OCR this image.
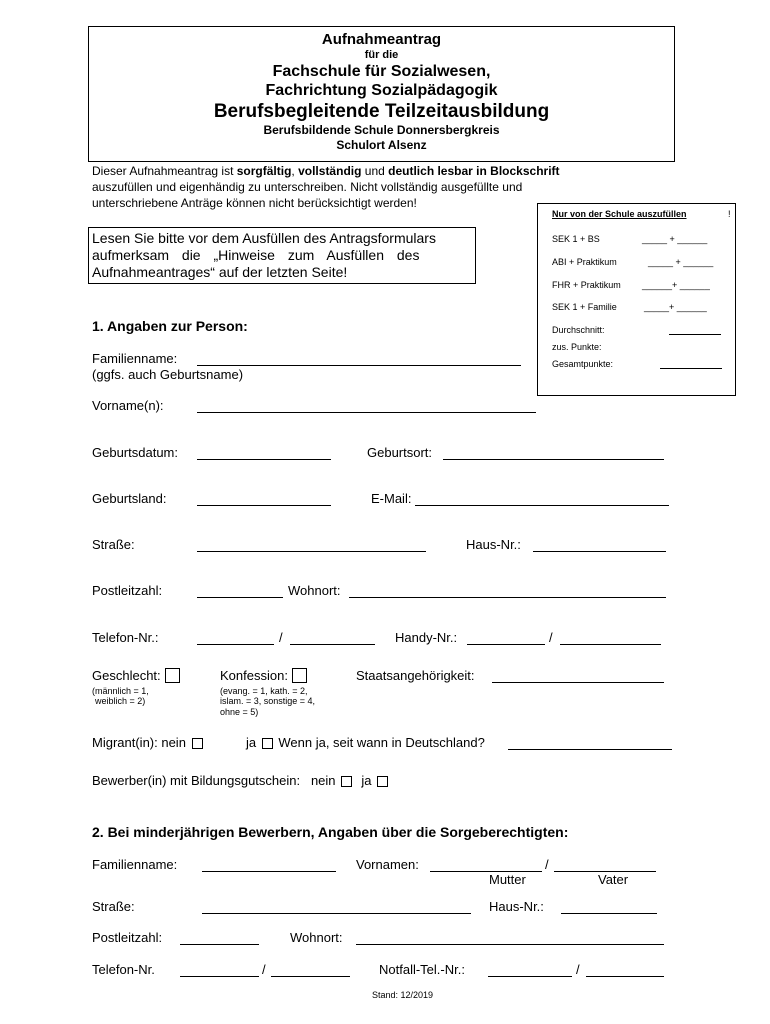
Aufnahmeantrag
für die
Fachschule für Sozialwesen,
Fachrichtung Sozialpädagogik
Berufsbegleitende Teilzeitausbildung
Berufsbildende Schule Donnersbergkreis
Schulort Alsenz
Dieser Aufnahmeantrag ist sorgfältig, vollständig und deutlich lesbar in Blockschrift
auszufüllen und eigenhändig zu unterschreiben. Nicht vollständig ausgefüllte und
unterschriebene Anträge können nicht berücksichtigt werden!
Lesen Sie bitte vor dem Ausfüllen des Antragsformulars
aufmerksam die „Hinweise zum Ausfüllen des
Aufnahmeantrages“ auf der letzten Seite!
Nur von der Schule auszufüllen	!
SEK 1 + BS	_____ + ______
ABI + Praktikum	_____ + ______
FHR + Praktikum ______+ ______
SEK 1 + Familie	_____+ ______
Durchschnitt:
zus. Punkte:
Gesamtpunkte:
1. Angaben zur Person:
Familienname:
(ggfs. auch Geburtsname)
Vorname(n):
Geburtsdatum:	Geburtsort:
Geburtsland:	E-Mail:
Straße:	Haus-Nr.:
Postleitzahl:	Wohnort:
Telefon-Nr.:	/	Handy-Nr.:	/
Geschlecht:
(männlich = 1,
weiblich = 2)
Konfession:
(evang. = 1, kath. = 2,
islam. = 3, sonstige = 4,
ohne = 5)
Staatsangehörigkeit:
Migrant(in): nein	ja Wenn ja, seit wann in Deutschland?
Bewerber(in) mit Bildungsgutschein: nein ja
2. Bei minderjährigen Bewerbern, Angaben über die Sorgeberechtigten:
Familienname:	Vornamen:	/
Mutter	Vater
Straße:	Haus-Nr.:
Postleitzahl:	Wohnort:
Telefon-Nr.	/	Notfall-Tel.-Nr.:	/
Stand: 12/2019
